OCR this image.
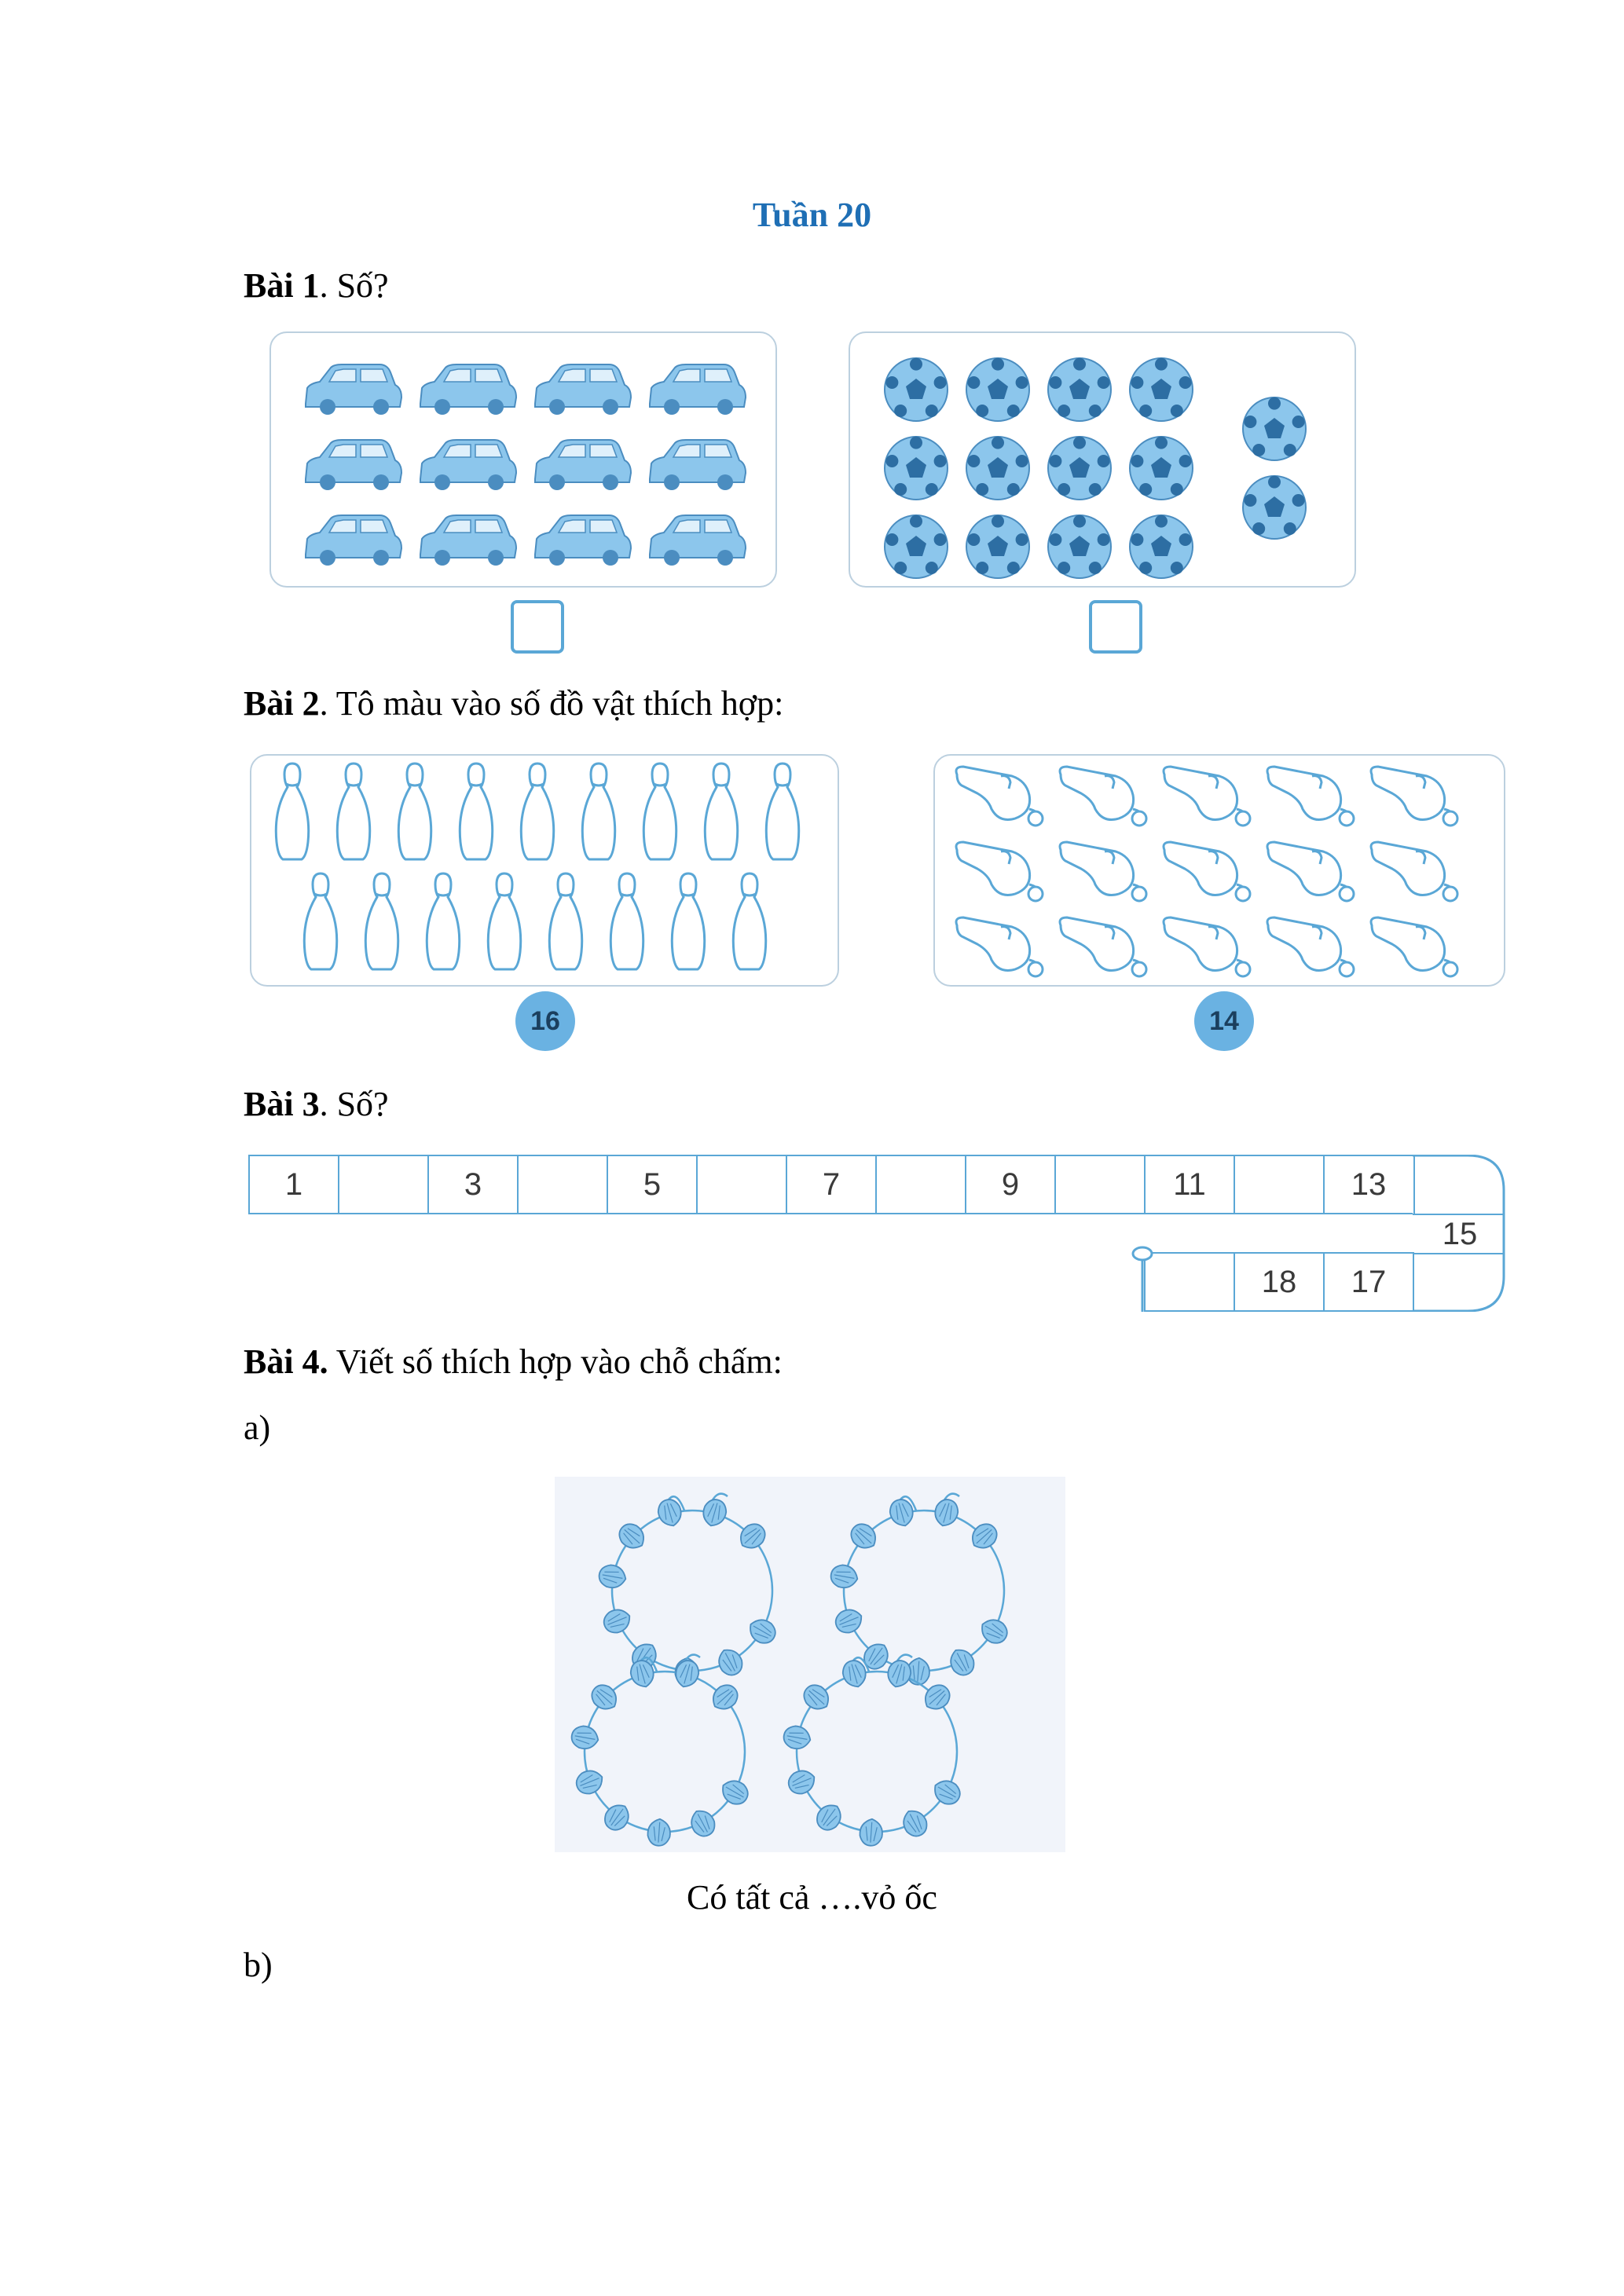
Tuần 20
Bài 1. Số?
Bài 2. Tô màu vào số đồ vật thích hợp:
16	14
Bài 3. Số?
1	3	5	7	9	11	13
15
18	17
Bài 4. Viết số thích hợp vào chỗ chấm:
a)
Có tất cả ….vỏ ốc
b)
